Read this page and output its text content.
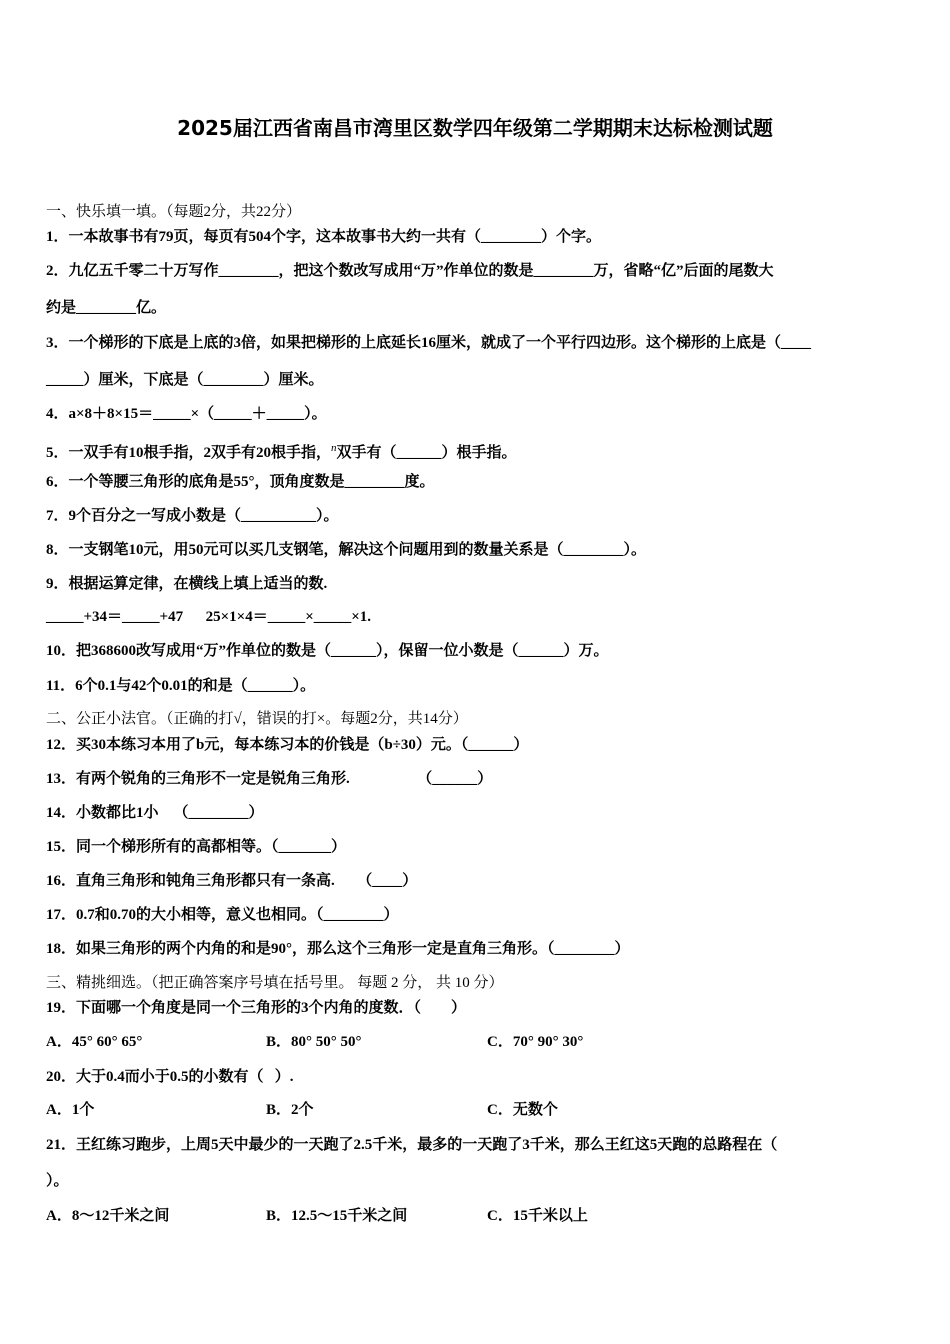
2025届江西省南昌市湾里区数学四年级第二学期期末达标检测试题
一、快乐填一填。（每题2分，共22分）
1．一本故事书有79页，每页有504个字，这本故事书大约一共有（________）个字。
2．九亿五千零二十万写作________，把这个数改写成用“万”作单位的数是________万，省略“亿”后面的尾数大
约是________亿。
3．一个梯形的下底是上底的3倍，如果把梯形的上底延长16厘米，就成了一个平行四边形。这个梯形的上底是（____
_____）厘米，下底是（________）厘米。
4．a×8＋8×15＝_____×（_____＋_____）。
5．一双手有10根手指，2双手有20根手指，$^n$双手有（______）根手指。
6．一个等腰三角形的底角是55°，顶角度数是________度。
7．9个百分之一写成小数是（__________）。
8．一支钢笔10元，用50元可以买几支钢笔，解决这个问题用到的数量关系是（________）。
9．根据运算定律，在横线上填上适当的数.
_____+34＝_____+47      25×1×4＝_____×_____×1.
10．把368600改写成用“万”作单位的数是（______），保留一位小数是（______）万。
11．6个0.1与42个0.01的和是（______）。
二、公正小法官。（正确的打√，错误的打×。每题2分，共14分）
12．买30本练习本用了b元，每本练习本的价钱是（b÷30）元。（______）
13．有两个锐角的三角形不一定是锐角三角形.                  （______）
14．小数都比1小    （________）
15．同一个梯形所有的高都相等。（_______）
16．直角三角形和钝角三角形都只有一条高.      （____）
17．0.7和0.70的大小相等，意义也相同。（________）
18．如果三角形的两个内角的和是90°，那么这个三角形一定是直角三角形。（________）
三、精挑细选。（把正确答案序号填在括号里。 每题 2 分， 共 10 分）
19．下面哪一个角度是同一个三角形的3个内角的度数．（　　）
A．45° 60° 65°	B．80° 50° 50°	C．70° 90° 30°
20．大于0.4而小于0.5的小数有（   ）.
A．1个	B．2个	C．无数个
21．王红练习跑步，上周5天中最少的一天跑了2.5千米，最多的一天跑了3千米，那么王红这5天跑的总路程在（
）。
A．8～12千米之间	B．12.5～15千米之间	C．15千米以上
